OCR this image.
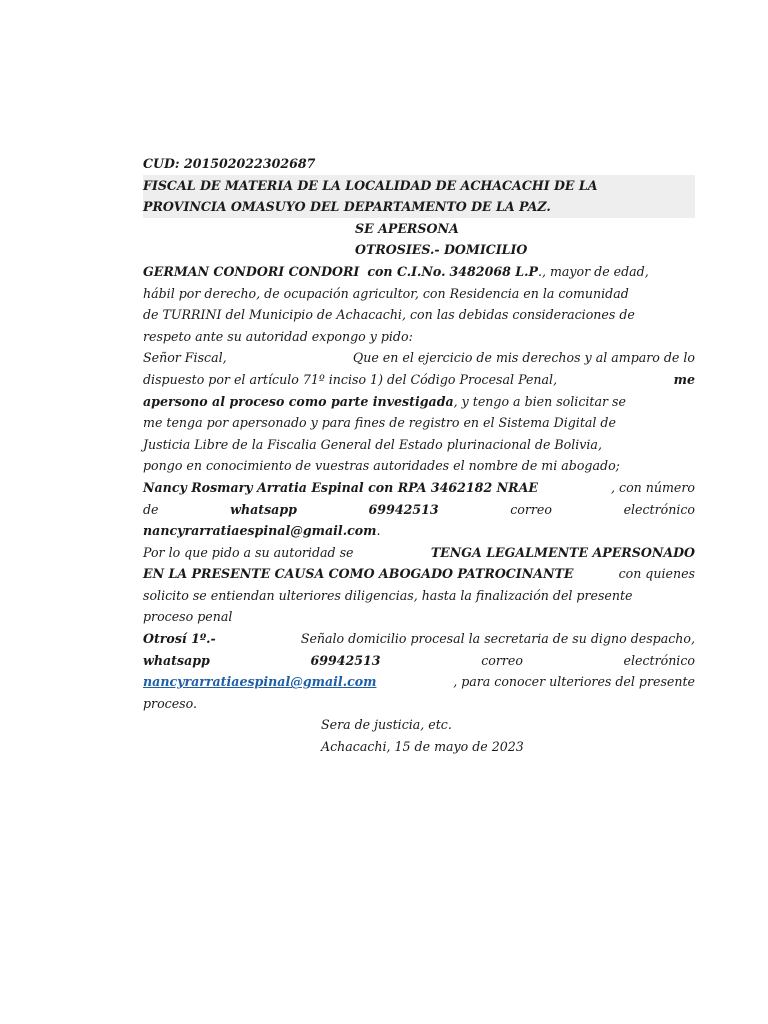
CUD: 201502022302687
FISCAL DE MATERIA DE LA LOCALIDAD DE ACHACACHI DE LA
PROVINCIA OMASUYO DEL DEPARTAMENTO DE LA PAZ.
SE APERSONA
OTROSIES.- DOMICILIO
GERMAN CONDORI CONDORI con C.I.No. 3482068 L.P., mayor de edad,
hábil por derecho, de ocupación agricultor, con Residencia en la comunidad
de TURRINI del Municipio de Achacachi, con las debidas consideraciones de
respeto ante su autoridad expongo y pido:
Señor Fiscal,	Que en el ejercicio de mis derechos y al amparo de lo
dispuesto por el artículo 71º inciso 1) del Código Procesal Penal,	me
apersono al proceso como parte investigada, y tengo a bien solicitar se
me tenga por apersonado y para fines de registro en el Sistema Digital de
Justicia Libre de la Fiscalia General del Estado plurinacional de Bolivia,
pongo en conocimiento de vuestras autoridades el nombre de mi abogado;
Nancy Rosmary Arratia Espinal con RPA 3462182 NRAE	, con número
de	whatsapp	69942513	correo	electrónico
nancyrarratiaespinal@gmail.com.
Por lo que pido a su autoridad se	TENGA LEGALMENTE APERSONADO
EN LA PRESENTE CAUSA COMO ABOGADO PATROCINANTE	con quienes
solicito se entiendan ulteriores diligencias, hasta la finalización del presente
proceso penal
Otrosí 1º.-	Señalo domicilio procesal la secretaria de su digno despacho,
whatsapp	69942513	correo	electrónico
nancyrarratiaespinal@gmail.com	, para conocer ulteriores del presente
proceso.
Sera de justicia, etc.
Achacachi, 15 de mayo de 2023
